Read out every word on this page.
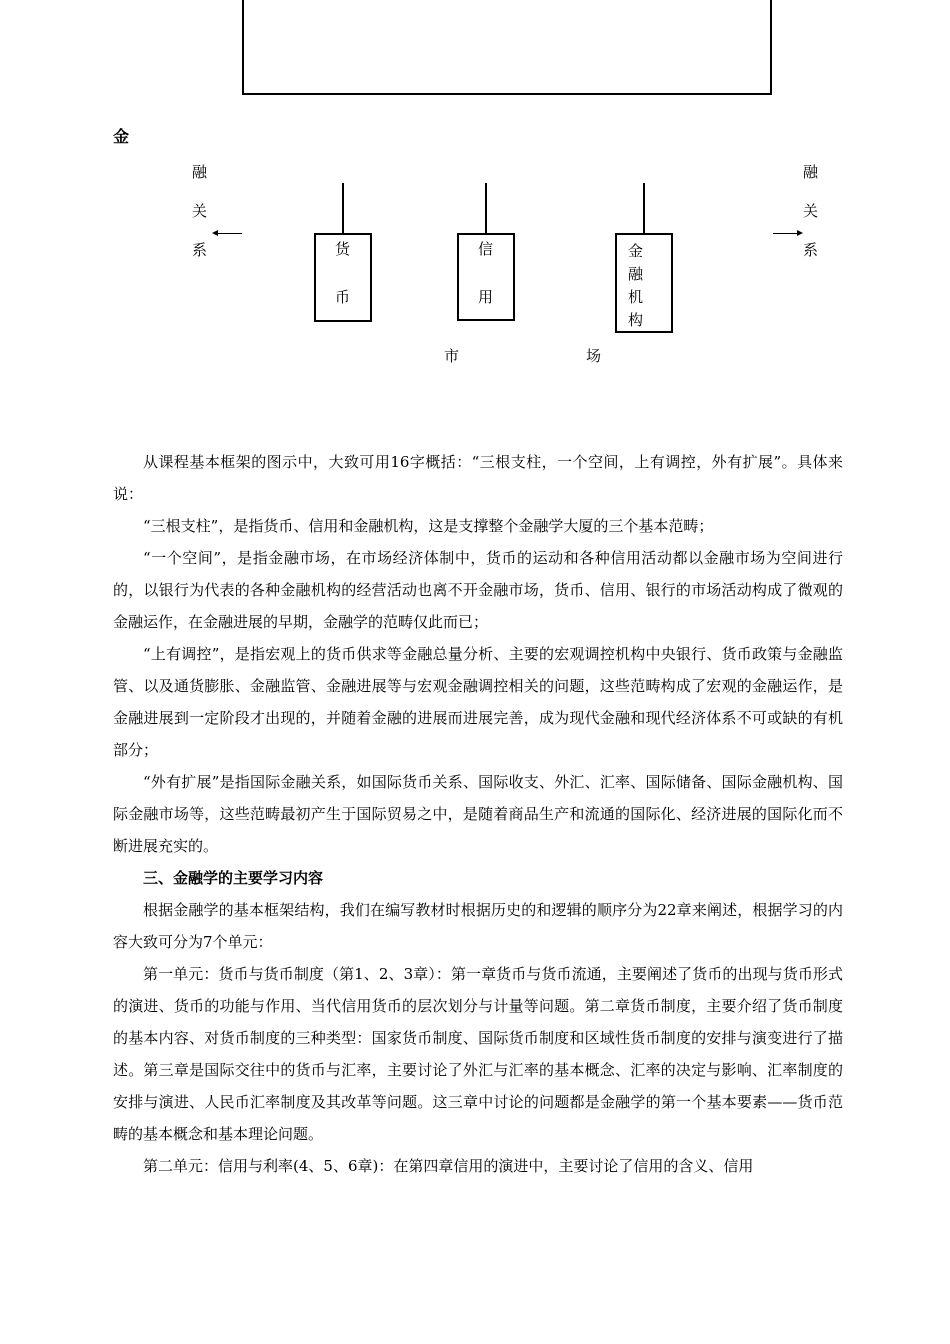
金
融
关
系
融
关
系
货
币
信
用
金
融
机
构
市	场

从课程基本框架的图示中，大致可用16字概括：“三根支柱，一个空间，上有调控，外有扩展”。具体来说：

“三根支柱”，是指货币、信用和金融机构，这是支撑整个金融学大厦的三个基本范畴；

“一个空间”，是指金融市场，在市场经济体制中，货币的运动和各种信用活动都以金融市场为空间进行的，以银行为代表的各种金融机构的经营活动也离不开金融市场，货币、信用、银行的市场活动构成了微观的金融运作，在金融进展的早期，金融学的范畴仅此而已；

“上有调控”，是指宏观上的货币供求等金融总量分析、主要的宏观调控机构中央银行、货币政策与金融监管、以及通货膨胀、金融监管、金融进展等与宏观金融调控相关的问题，这些范畴构成了宏观的金融运作，是金融进展到一定阶段才出现的，并随着金融的进展而进展完善，成为现代金融和现代经济体系不可或缺的有机部分；

“外有扩展”是指国际金融关系，如国际货币关系、国际收支、外汇、汇率、国际储备、国际金融机构、国际金融市场等，这些范畴最初产生于国际贸易之中，是随着商品生产和流通的国际化、经济进展的国际化而不断进展充实的。

三、金融学的主要学习内容

根据金融学的基本框架结构，我们在编写教材时根据历史的和逻辑的顺序分为22章来阐述，根据学习的内容大致可分为7个单元：

第一单元：货币与货币制度（第1、2、3章）：第一章货币与货币流通，主要阐述了货币的出现与货币形式的演进、货币的功能与作用、当代信用货币的层次划分与计量等问题。第二章货币制度，主要介绍了货币制度的基本内容、对货币制度的三种类型：国家货币制度、国际货币制度和区域性货币制度的安排与演变进行了描述。第三章是国际交往中的货币与汇率，主要讨论了外汇与汇率的基本概念、汇率的决定与影响、汇率制度的安排与演进、人民币汇率制度及其改革等问题。这三章中讨论的问题都是金融学的第一个基本要素——货币范畴的基本概念和基本理论问题。

第二单元：信用与利率(4、5、6章)：在第四章信用的演进中，主要讨论了信用的含义、信用
